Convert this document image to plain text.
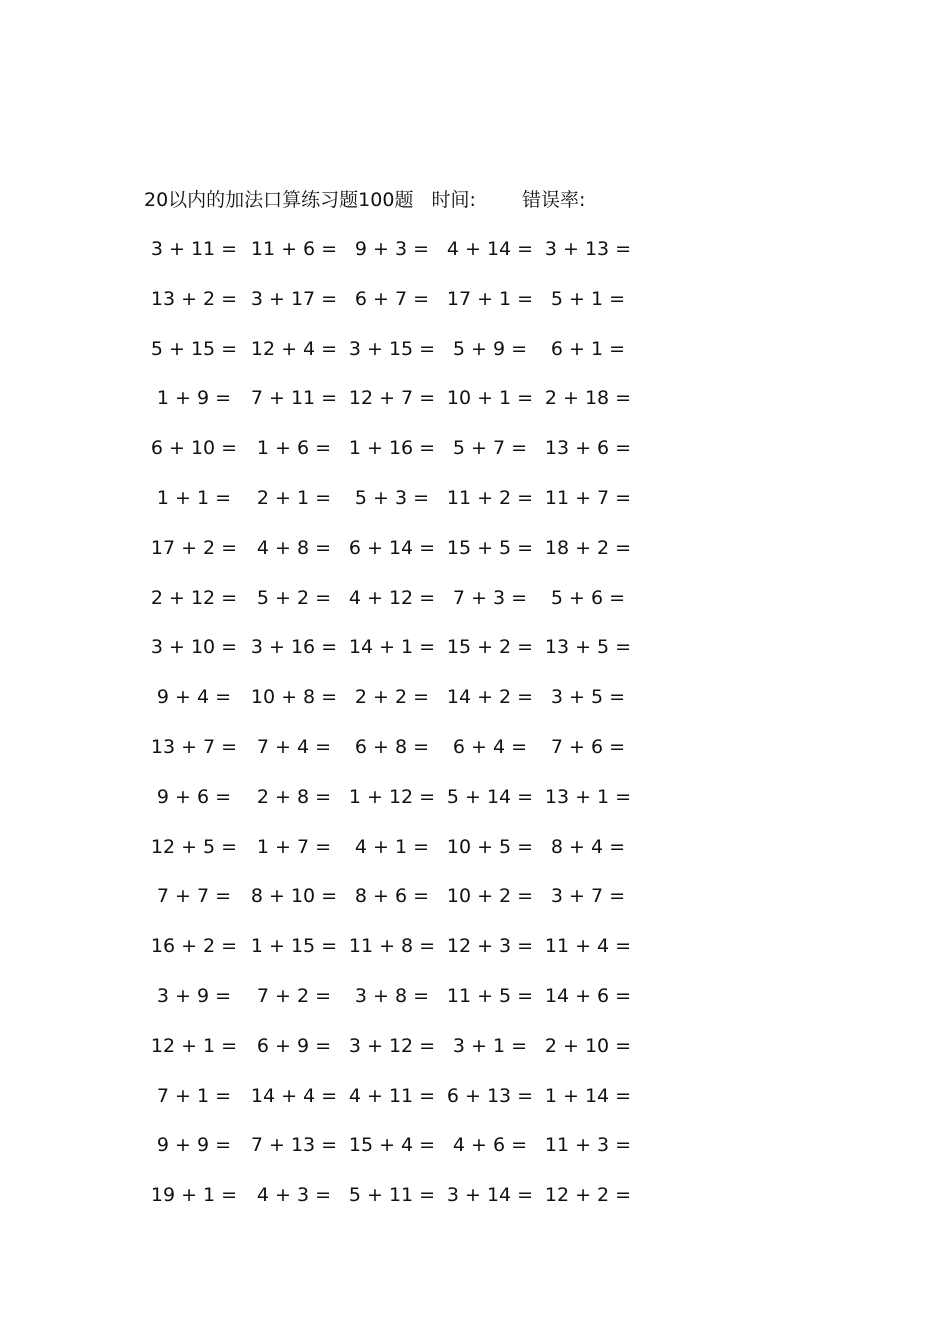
20以内的加法口算练习题100题 时间: 错误率:
3 + 11 = 11 + 6 = 9 + 3 = 4 + 14 = 3 + 13 =
13 + 2 = 3 + 17 = 6 + 7 = 17 + 1 = 5 + 1 =
5 + 15 = 12 + 4 = 3 + 15 = 5 + 9 =	6 + 1 =
1 + 9 =	7 + 11 = 12 + 7 = 10 + 1 = 2 + 18 =
6 + 10 =	1 + 6 = 1 + 16 = 5 + 7 = 13 + 6 =
1 + 1 =	2 + 1 =	5 + 3 = 11 + 2 = 11 + 7 =
17 + 2 =	4 + 8 = 6 + 14 = 15 + 5 = 18 + 2 =
2 + 12 =	5 + 2 = 4 + 12 = 7 + 3 =	5 + 6 =
3 + 10 = 3 + 16 = 14 + 1 = 15 + 2 = 13 + 5 =
9 + 4 =	10 + 8 = 2 + 2 = 14 + 2 = 3 + 5 =
13 + 7 =	7 + 4 =	6 + 8 =	6 + 4 =	7 + 6 =
9 + 6 =	2 + 8 = 1 + 12 = 5 + 14 = 13 + 1 =
12 + 5 =	1 + 7 =	4 + 1 = 10 + 5 = 8 + 4 =
7 + 7 =	8 + 10 = 8 + 6 = 10 + 2 = 3 + 7 =
16 + 2 = 1 + 15 = 11 + 8 = 12 + 3 = 11 + 4 =
3 + 9 =	7 + 2 =	3 + 8 = 11 + 5 = 14 + 6 =
12 + 1 =	6 + 9 = 3 + 12 = 3 + 1 = 2 + 10 =
7 + 1 =	14 + 4 = 4 + 11 = 6 + 13 = 1 + 14 =
9 + 9 =	7 + 13 = 15 + 4 = 4 + 6 = 11 + 3 =
19 + 1 =	4 + 3 = 5 + 11 = 3 + 14 = 12 + 2 =
